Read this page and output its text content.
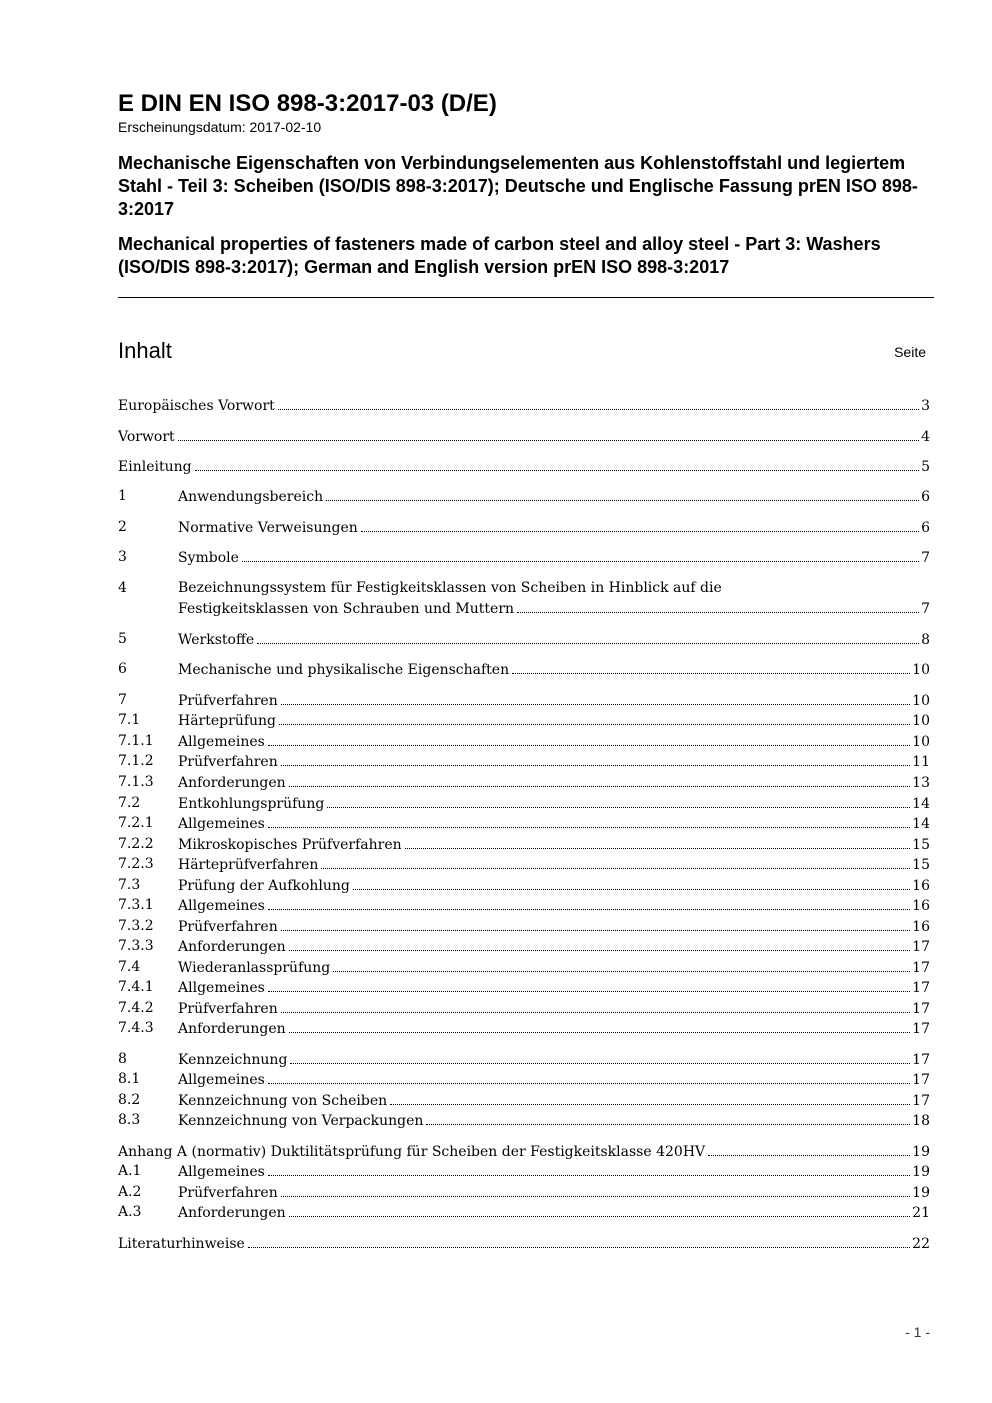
E DIN EN ISO 898-3:2017-03 (D/E)

Erscheinungsdatum: 2017-02-10

Mechanische Eigenschaften von Verbindungselementen aus Kohlenstoffstahl und legiertem Stahl - Teil 3: Scheiben (ISO/DIS 898-3:2017); Deutsche und Englische Fassung prEN ISO 898-3:2017

Mechanical properties of fasteners made of carbon steel and alloy steel - Part 3: Washers (ISO/DIS 898-3:2017); German and English version prEN ISO 898-3:2017

Inhalt	Seite
Europäisches Vorwort	3
Vorwort	4
Einleitung	5
1	Anwendungsbereich	6
2	Normative Verweisungen	6
3	Symbole	7
4	Bezeichnungssystem für Festigkeitsklassen von Scheiben in Hinblick auf die
Festigkeitsklassen von Schrauben und Muttern	7
5	Werkstoffe	8
6	Mechanische und physikalische Eigenschaften	10
7	Prüfverfahren	10
7.1	Härteprüfung	10
7.1.1 Allgemeines	10
7.1.2 Prüfverfahren	11
7.1.3 Anforderungen	13
7.2	Entkohlungsprüfung	14
7.2.1 Allgemeines	14
7.2.2 Mikroskopisches Prüfverfahren	15
7.2.3 Härteprüfverfahren	15
7.3	Prüfung der Aufkohlung	16
7.3.1 Allgemeines	16
7.3.2 Prüfverfahren	16
7.3.3 Anforderungen	17
7.4	Wiederanlassprüfung	17
7.4.1 Allgemeines	17
7.4.2 Prüfverfahren	17
7.4.3 Anforderungen	17
8	Kennzeichnung	17
8.1	Allgemeines	17
8.2	Kennzeichnung von Scheiben	17
8.3	Kennzeichnung von Verpackungen	18
Anhang A (normativ) Duktilitätsprüfung für Scheiben der Festigkeitsklasse 420HV	19
A.1	Allgemeines	19
A.2	Prüfverfahren	19
A.3	Anforderungen	21
Literaturhinweise	22
- 1 -
